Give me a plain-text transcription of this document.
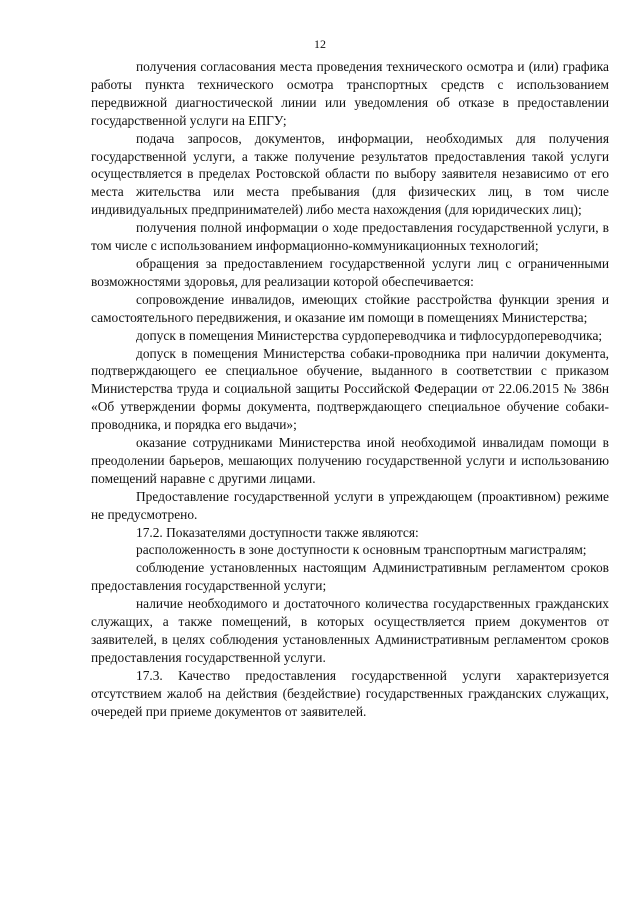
12

получения согласования места проведения технического осмотра и (или) графика работы пункта технического осмотра транспортных средств с использованием передвижной диагностической линии или уведомления об отказе в предоставлении государственной услуги на ЕПГУ;

подача запросов, документов, информации, необходимых для получения государственной услуги, а также получение результатов предоставления такой услуги осуществляется в пределах Ростовской области по выбору заявителя независимо от его места жительства или места пребывания (для физических лиц, в том числе индивидуальных предпринимателей) либо места нахождения (для юридических лиц);

получения полной информации о ходе предоставления государственной услуги, в том числе с использованием информационно-коммуникационных технологий;

обращения за предоставлением государственной услуги лиц с ограниченными возможностями здоровья, для реализации которой обеспечивается:

сопровождение инвалидов, имеющих стойкие расстройства функции зрения и самостоятельного передвижения, и оказание им помощи в помещениях Министерства;

допуск в помещения Министерства сурдопереводчика и тифлосурдопереводчика;

допуск в помещения Министерства собаки-проводника при наличии документа, подтверждающего ее специальное обучение, выданного в соответствии с приказом Министерства труда и социальной защиты Российской Федерации от 22.06.2015 № 386н «Об утверждении формы документа, подтверждающего специальное обучение собаки-проводника, и порядка его выдачи»;

оказание сотрудниками Министерства иной необходимой инвалидам помощи в преодолении барьеров, мешающих получению государственной услуги и использованию помещений наравне с другими лицами.

Предоставление государственной услуги в упреждающем (проактивном) режиме не предусмотрено.

17.2. Показателями доступности также являются:

расположенность в зоне доступности к основным транспортным магистралям;

соблюдение установленных настоящим Административным регламентом сроков предоставления государственной услуги;

наличие необходимого и достаточного количества государственных гражданских служащих, а также помещений, в которых осуществляется прием документов от заявителей, в целях соблюдения установленных Административным регламентом сроков предоставления государственной услуги.

17.3. Качество предоставления государственной услуги характеризуется отсутствием жалоб на действия (бездействие) государственных гражданских служащих, очередей при приеме документов от заявителей.
